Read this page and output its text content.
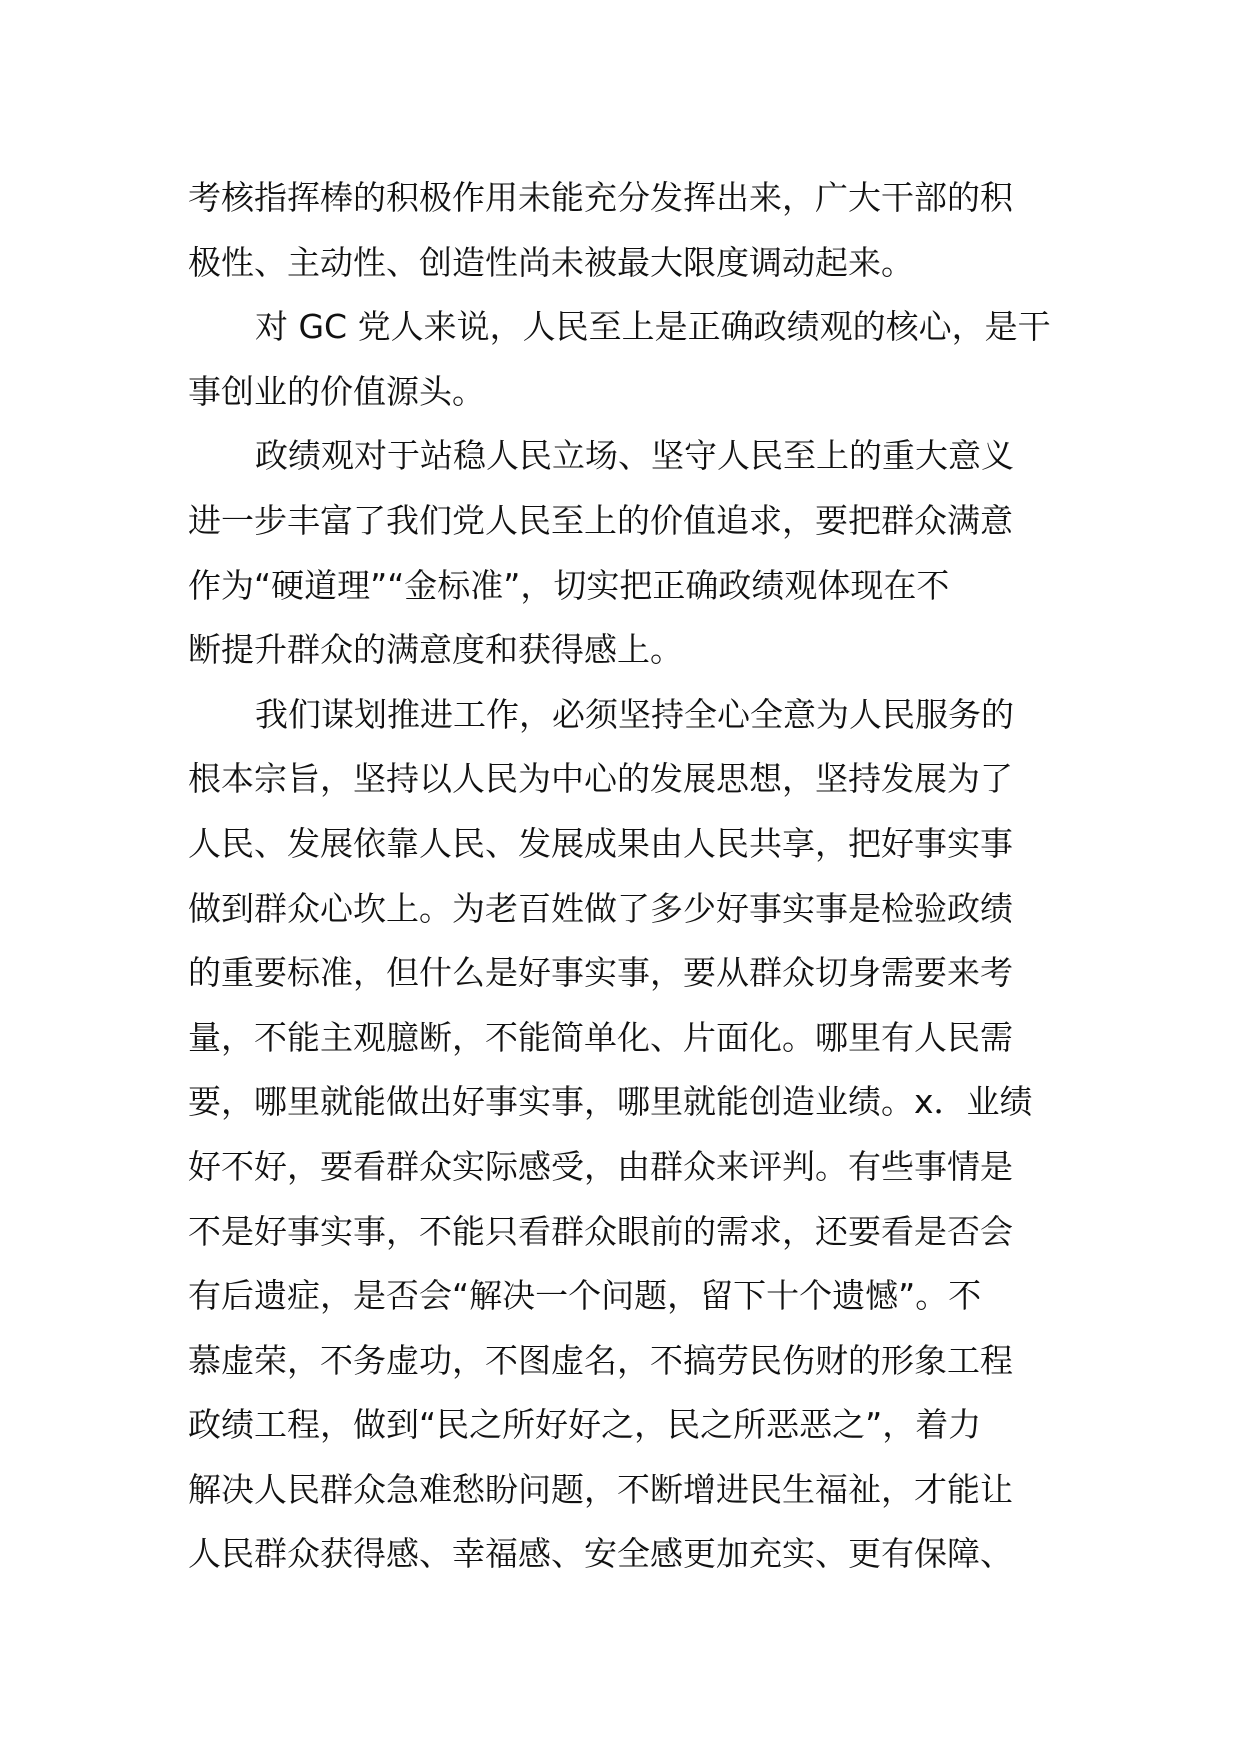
考核指挥棒的积极作用未能充分发挥出来，广大干部的积
极性、主动性、创造性尚未被最大限度调动起来。
对 GC 党人来说，人民至上是正确政绩观的核心，是干
事创业的价值源头。
政绩观对于站稳人民立场、坚守人民至上的重大意义
进一步丰富了我们党人民至上的价值追求，要把群众满意
作为“硬道理”“金标准”，切实把正确政绩观体现在不
断提升群众的满意度和获得感上。
我们谋划推进工作，必须坚持全心全意为人民服务的
根本宗旨，坚持以人民为中心的发展思想，坚持发展为了
人民、发展依靠人民、发展成果由人民共享，把好事实事
做到群众心坎上。为老百姓做了多少好事实事是检验政绩
的重要标准，但什么是好事实事，要从群众切身需要来考
量，不能主观臆断，不能简单化、片面化。哪里有人民需
要，哪里就能做出好事实事，哪里就能创造业绩。x．业绩
好不好，要看群众实际感受，由群众来评判。有些事情是
不是好事实事，不能只看群众眼前的需求，还要看是否会
有后遗症，是否会“解决一个问题，留下十个遗憾”。不
慕虚荣，不务虚功，不图虚名，不搞劳民伤财的形象工程
政绩工程，做到“民之所好好之，民之所恶恶之”，着力
解决人民群众急难愁盼问题，不断增进民生福祉，才能让
人民群众获得感、幸福感、安全感更加充实、更有保障、
